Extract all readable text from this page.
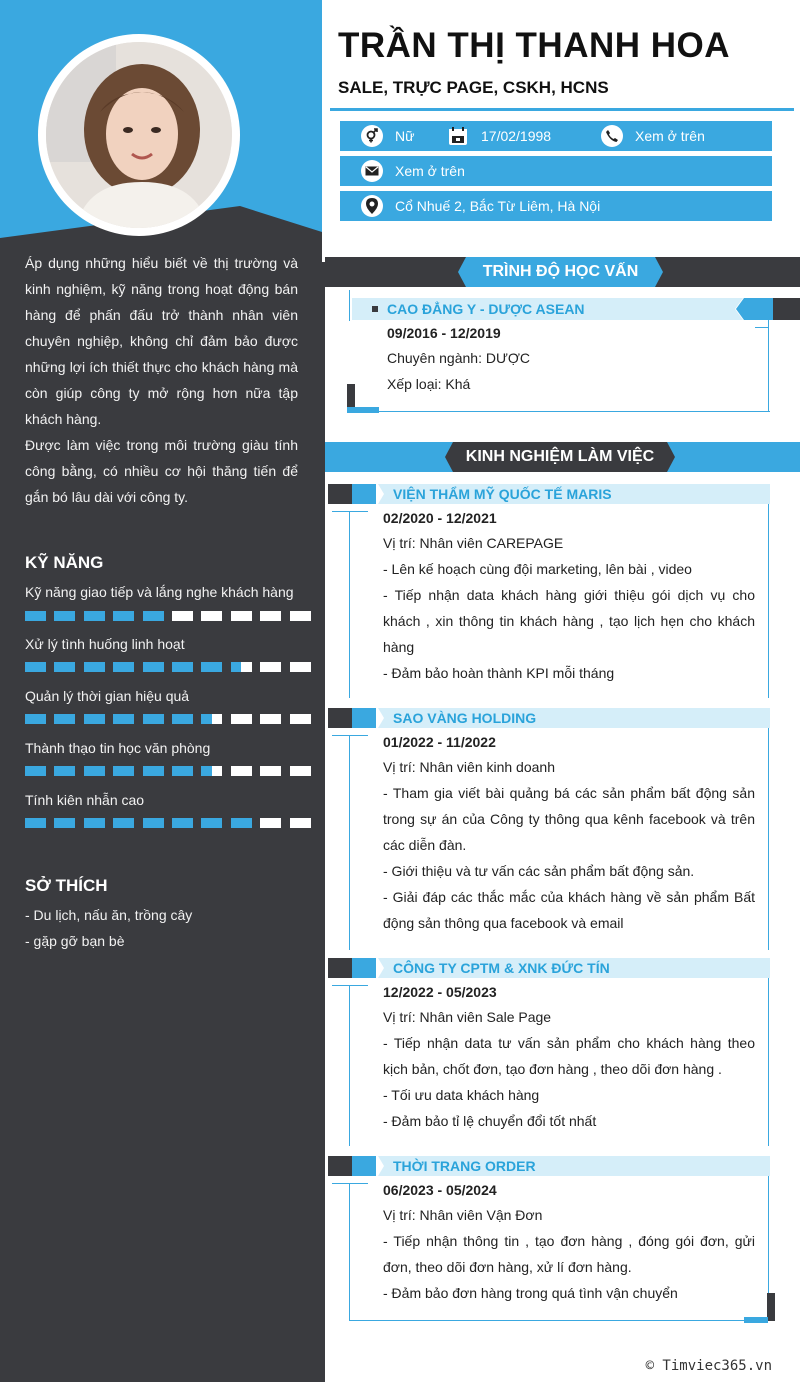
Áp dụng những hiểu biết về thị trường và kinh nghiệm, kỹ năng trong hoạt động bán hàng để phấn đấu trở thành nhân viên chuyên nghiệp, không chỉ đảm bảo được những lợi ích thiết thực cho khách hàng mà còn giúp công ty mở rộng hơn nữa tập khách hàng.

Được làm việc trong môi trường giàu tính công bằng, có nhiều cơ hội thăng tiến để gắn bó lâu dài với công ty.

KỸ NĂNG
Kỹ năng giao tiếp và lắng nghe khách hàng
Xử lý tình huống linh hoạt
Quản lý thời gian hiệu quả
Thành thạo tin học văn phòng
Tính kiên nhẫn cao
SỞ THÍCH
- Du lịch, nấu ăn, trồng cây
- gặp gỡ bạn bè
TRẦN THỊ THANH HOA
SALE, TRỰC PAGE, CSKH, HCNS
Nữ	17/02/1998	Xem ở trên
Xem ở trên
Cổ Nhuế 2, Bắc Từ Liêm, Hà Nội
TRÌNH ĐỘ HỌC VẤN
CAO ĐẲNG Y - DƯỢC ASEAN
09/2016 - 12/2019
Chuyên ngành: DƯỢC
Xếp loại: Khá
KINH NGHIỆM LÀM VIỆC
VIỆN THẨM MỸ QUỐC TẾ MARIS
02/2020 - 12/2021
Vị trí: Nhân viên CAREPAGE
- Lên kế hoạch cùng đội marketing, lên bài , video
- Tiếp nhận data khách hàng giới thiệu gói dịch vụ cho khách , xin thông tin khách hàng , tạo lịch hẹn cho khách hàng
- Đảm bảo hoàn thành KPI mỗi tháng
SAO VÀNG HOLDING
01/2022 - 11/2022
Vị trí: Nhân viên kinh doanh
- Tham gia viết bài quảng bá các sản phẩm bất động sản trong sự án của Công ty thông qua kênh facebook và trên các diễn đàn.
- Giới thiệu và tư vấn các sản phẩm bất động sản.
- Giải đáp các thắc mắc của khách hàng về sản phẩm Bất động sản thông qua facebook và email
CÔNG TY CPTM & XNK ĐỨC TÍN
12/2022 - 05/2023
Vị trí: Nhân viên Sale Page
- Tiếp nhận data tư vấn sản phẩm cho khách hàng theo kịch bản, chốt đơn, tạo đơn hàng , theo dõi đơn hàng .
- Tối ưu data khách hàng
- Đảm bảo tỉ lệ chuyển đổi tốt nhất
THỜI TRANG ORDER
06/2023 - 05/2024
Vị trí: Nhân viên Vận Đơn
- Tiếp nhận thông tin , tạo đơn hàng , đóng gói đơn, gửi đơn, theo dõi đơn hàng, xử lí đơn hàng.
- Đảm bảo đơn hàng trong quá tình vận chuyển
© Timviec365.vn
